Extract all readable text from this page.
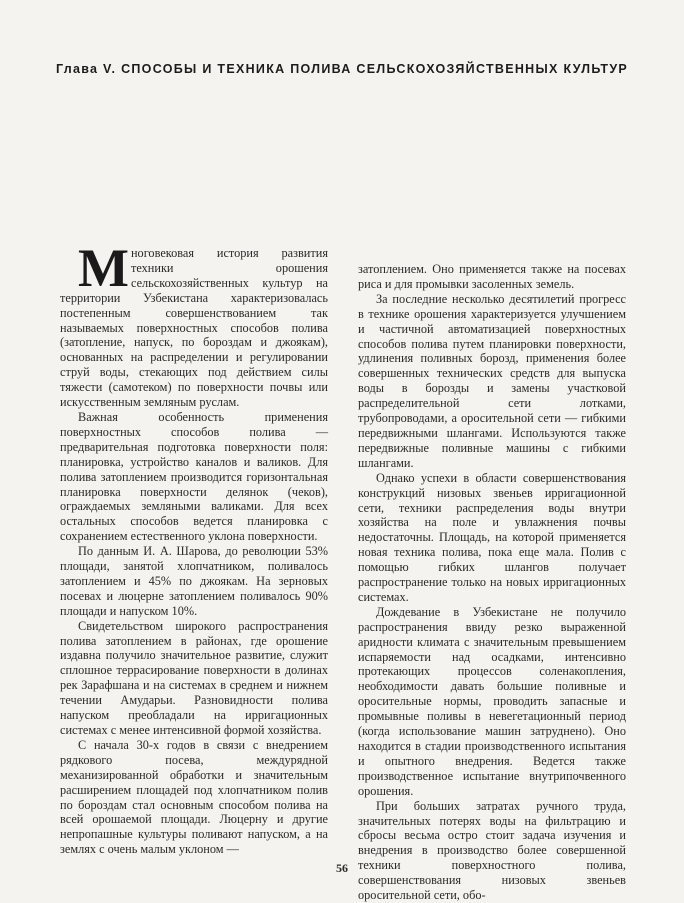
Глава V. СПОСОБЫ И ТЕХНИКА ПОЛИВА СЕЛЬСКОХОЗЯЙСТВЕННЫХ КУЛЬТУР

Многовековая история развития техники орошения сельскохозяйственных культур на территории Узбекистана характеризовалась постепенным совершенствованием так называемых поверхностных способов полива (затопление, напуск, по бороздам и джоякам), основанных на распределении и регулировании струй воды, стекающих под действием силы тяжести (самотеком) по поверхности почвы или искусственным земляным руслам.

Важная особенность применения поверхностных способов полива — предварительная подготовка поверхности поля: планировка, устройство каналов и валиков. Для полива затоплением производится горизонтальная планировка поверхности делянок (чеков), ограждаемых земляными валиками. Для всех остальных способов ведется планировка с сохранением естественного уклона поверхности.

По данным И. А. Шарова, до революции 53% площади, занятой хлопчатником, поливалось затоплением и 45% по джоякам. На зерновых посевах и люцерне затоплением поливалось 90% площади и напуском 10%.

Свидетельством широкого распространения полива затоплением в районах, где орошение издавна получило значительное развитие, служит сплошное террасирование поверхности в долинах рек Зарафшана и на системах в среднем и нижнем течении Амударьи. Разновидности полива напуском преобладали на ирригационных системах с менее интенсивной формой хозяйства.

С начала 30-х годов в связи с внедрением рядкового посева, междурядной механизированной обработки и значительным расширением площадей под хлопчатником полив по бороздам стал основным способом полива на всей орошаемой площади. Люцерну и другие непропашные культуры поливают напуском, а на землях с очень малым уклоном —

затоплением. Оно применяется также на посевах риса и для промывки засоленных земель.

За последние несколько десятилетий прогресс в технике орошения характеризуется улучшением и частичной автоматизацией поверхностных способов полива путем планировки поверхности, удлинения поливных борозд, применения более совершенных технических средств для выпуска воды в борозды и замены участковой распределительной сети лотками, трубопроводами, а оросительной сети — гибкими передвижными шлангами. Используются также передвижные поливные машины с гибкими шлангами.

Однако успехи в области совершенствования конструкций низовых звеньев ирригационной сети, техники распределения воды внутри хозяйства на поле и увлажнения почвы недостаточны. Площадь, на которой применяется новая техника полива, пока еще мала. Полив с помощью гибких шлангов получает распространение только на новых ирригационных системах.

Дождевание в Узбекистане не получило распространения ввиду резко выраженной аридности климата с значительным превышением испаряемости над осадками, интенсивно протекающих процессов соленакопления, необходимости давать большие поливные и оросительные нормы, проводить запасные и промывные поливы в невегетационный период (когда использование машин затруднено). Оно находится в стадии производственного испытания и опытного внедрения. Ведется также производственное испытание внутрипочвенного орошения.

При больших затратах ручного труда, значительных потерях воды на фильтрацию и сбросы весьма остро стоит задача изучения и внедрения в производство более совершенной техники поверхностного полива, совершенствования низовых звеньев оросительной сети, обо-

56
